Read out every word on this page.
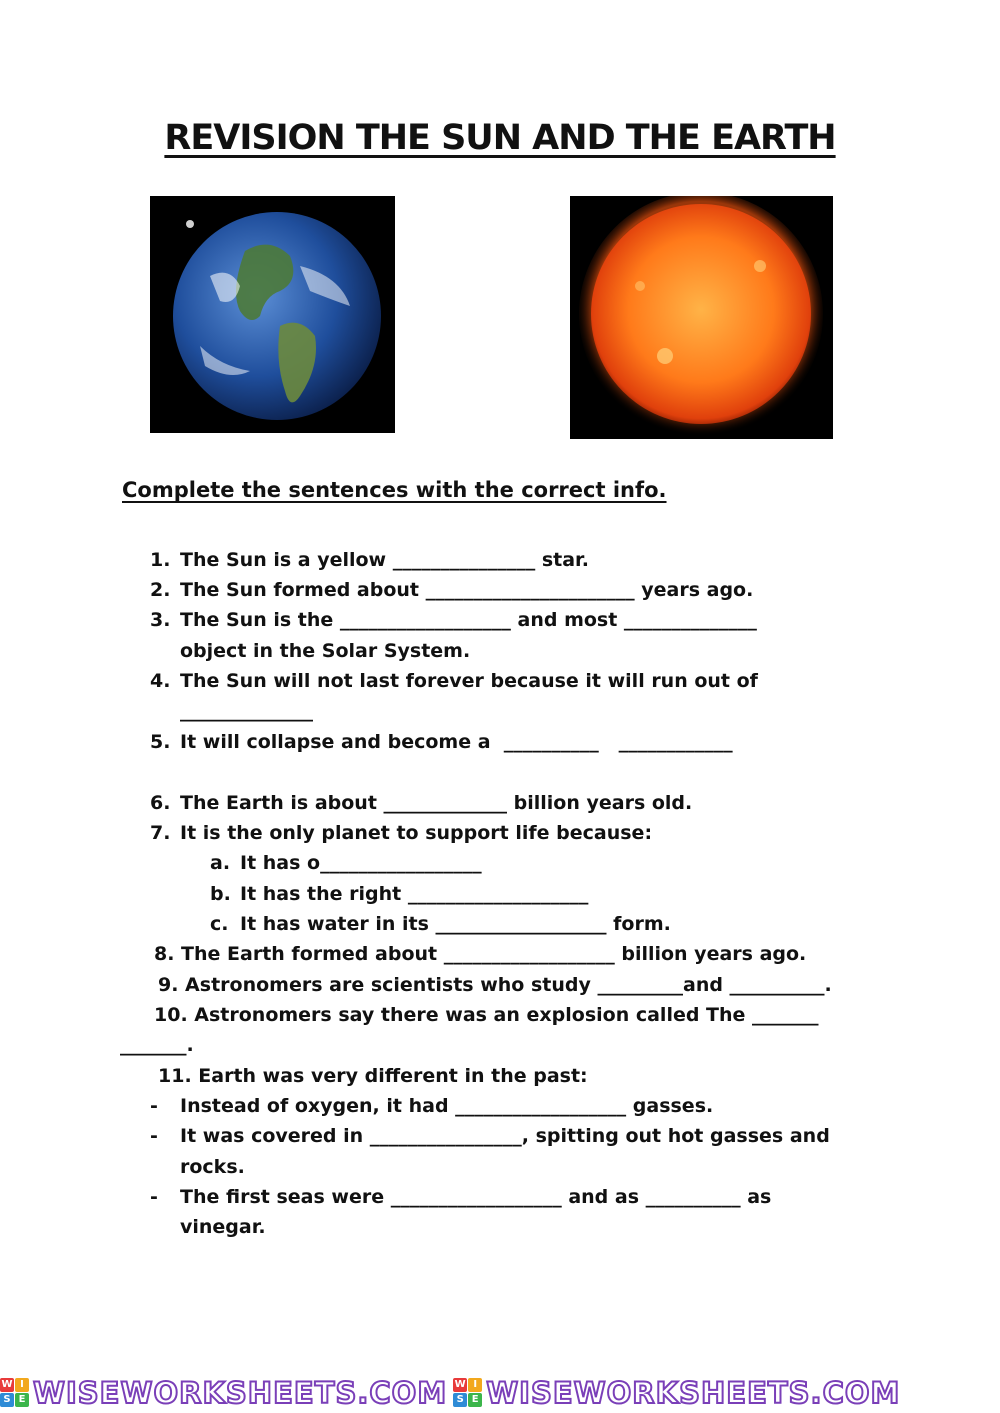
REVISION THE SUN AND THE EARTH
Complete the sentences with the correct info.
1. The Sun is a yellow _______________ star.
2. The Sun formed about ______________________ years ago.
3. The Sun is the __________________ and most ______________
object in the Solar System.
4. The Sun will not last forever because it will run out of
______________
5. It will collapse and become a  __________   ____________
6. The Earth is about _____________ billion years old.
7. It is the only planet to support life because:
a. It has o_________________
b. It has the right ___________________
c. It has water in its __________________ form.
8. The Earth formed about __________________ billion years ago.
9. Astronomers are scientists who study _________and __________.
10. Astronomers say there was an explosion called The _______
_______.
11. Earth was very different in the past:
- Instead of oxygen, it had __________________ gasses.
- It was covered in ________________, spitting out hot gasses and
rocks.
- The first seas were __________________ and as __________ as
vinegar.
W I
S E WISEWORKSHEETS.COM W I
S E WISEWORKSHEETS.COM
